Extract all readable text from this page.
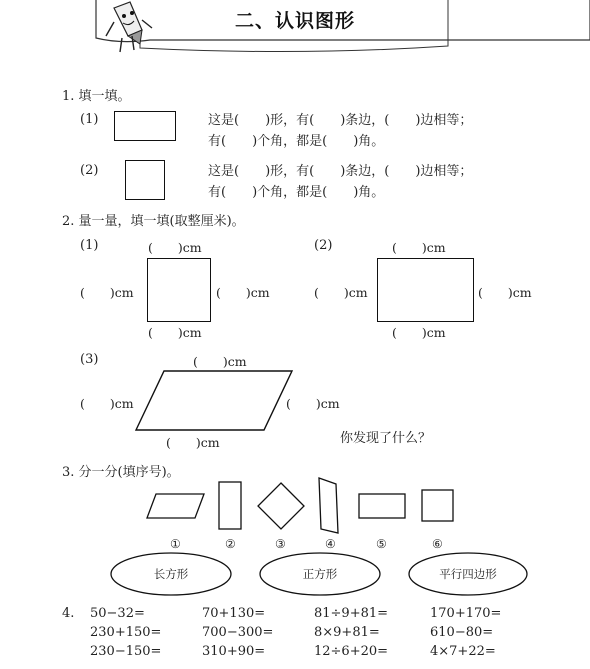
二、认识图形
1. 填一填。
(1)	这是(　　)形，有(　　)条边，(　　)边相等；
有(　　)个角，都是(　　)角。
(2)	这是(　　)形，有(　　)条边，(　　)边相等；
有(　　)个角，都是(　　)角。
2. 量一量，填一填(取整厘米)。
(1)	(　　)cm
(　　)cm	(　　)cm
(　　)cm
(2)	(　　)cm
(　　)cm	(　　)cm
(　　)cm
(3)	(　　)cm
(　　)cm	(　　)cm
(　　)cm	你发现了什么？
3. 分一分(填序号)。
①	②	③	④	⑤	⑥
长方形	正方形	平行四边形
4. 50−32=	70+130=	81÷9+81=	170+170=
230+150=	700−300=	8×9+81=	610−80=
230−150=	310+90=	12÷6+20=	4×7+22=
